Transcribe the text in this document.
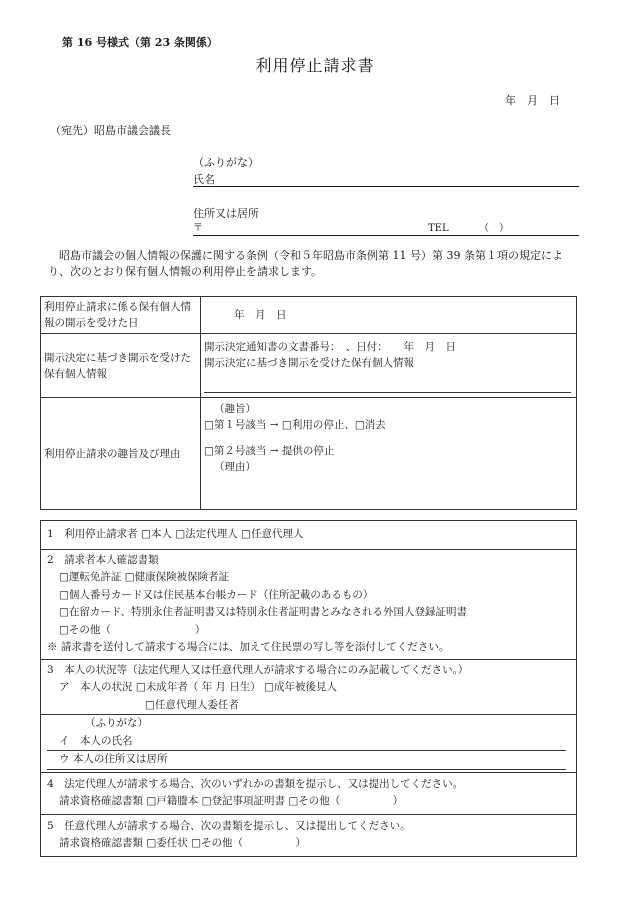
第 16 号様式（第 23 条関係）
利用停止請求書
年　月　日
（宛先）昭島市議会議長
（ふりがな）
氏名
住所又は居所
〒	TEL	（　）
昭島市議会の個人情報の保護に関する条例（令和５年昭島市条例第 11 号）第 39 条第１項の規定により、次のとおり保有個人情報の利用停止を請求します。
利用停止請求に係る保有個人情報の開示を受けた日	年　月　日
開示決定に基づき開示を受けた保有個人情報	開示決定通知書の文書番号：　、日付：　　年　月　日
開示決定に基づき開示を受けた保有個人情報

利用停止請求の趣旨及び理由	（趣旨）
□第１号該当 → □利用の停止、□消去
□第２号該当 → 提供の停止
（理由）
1　利用停止請求者 □本人 □法定代理人 □任意代理人

2　請求者本人確認書類
□運転免許証 □健康保険被保険者証
□個人番号カード又は住民基本台帳カード（住所記載のあるもの）
□在留カード、特別永住者証明書又は特別永住者証明書とみなされる外国人登録証明書
□その他（　　　　　　　　）
※ 請求書を送付して請求する場合には、加えて住民票の写し等を添付してください。

3　本人の状況等（法定代理人又は任意代理人が請求する場合にのみ記載してください。）
ア　本人の状況 □未成年者（ 年 月 日生） □成年被後見人
□任意代理人委任者
（ふりがな）
イ　本人の氏名
ウ 本人の住所又は居所

4　法定代理人が請求する場合、次のいずれかの書類を提示し、又は提出してください。
請求資格確認書類 □戸籍謄本 □登記事項証明書 □その他（　　　　　）

5　任意代理人が請求する場合、次の書類を提示し、又は提出してください。
請求資格確認書類 □委任状 □その他（　　　　　）
